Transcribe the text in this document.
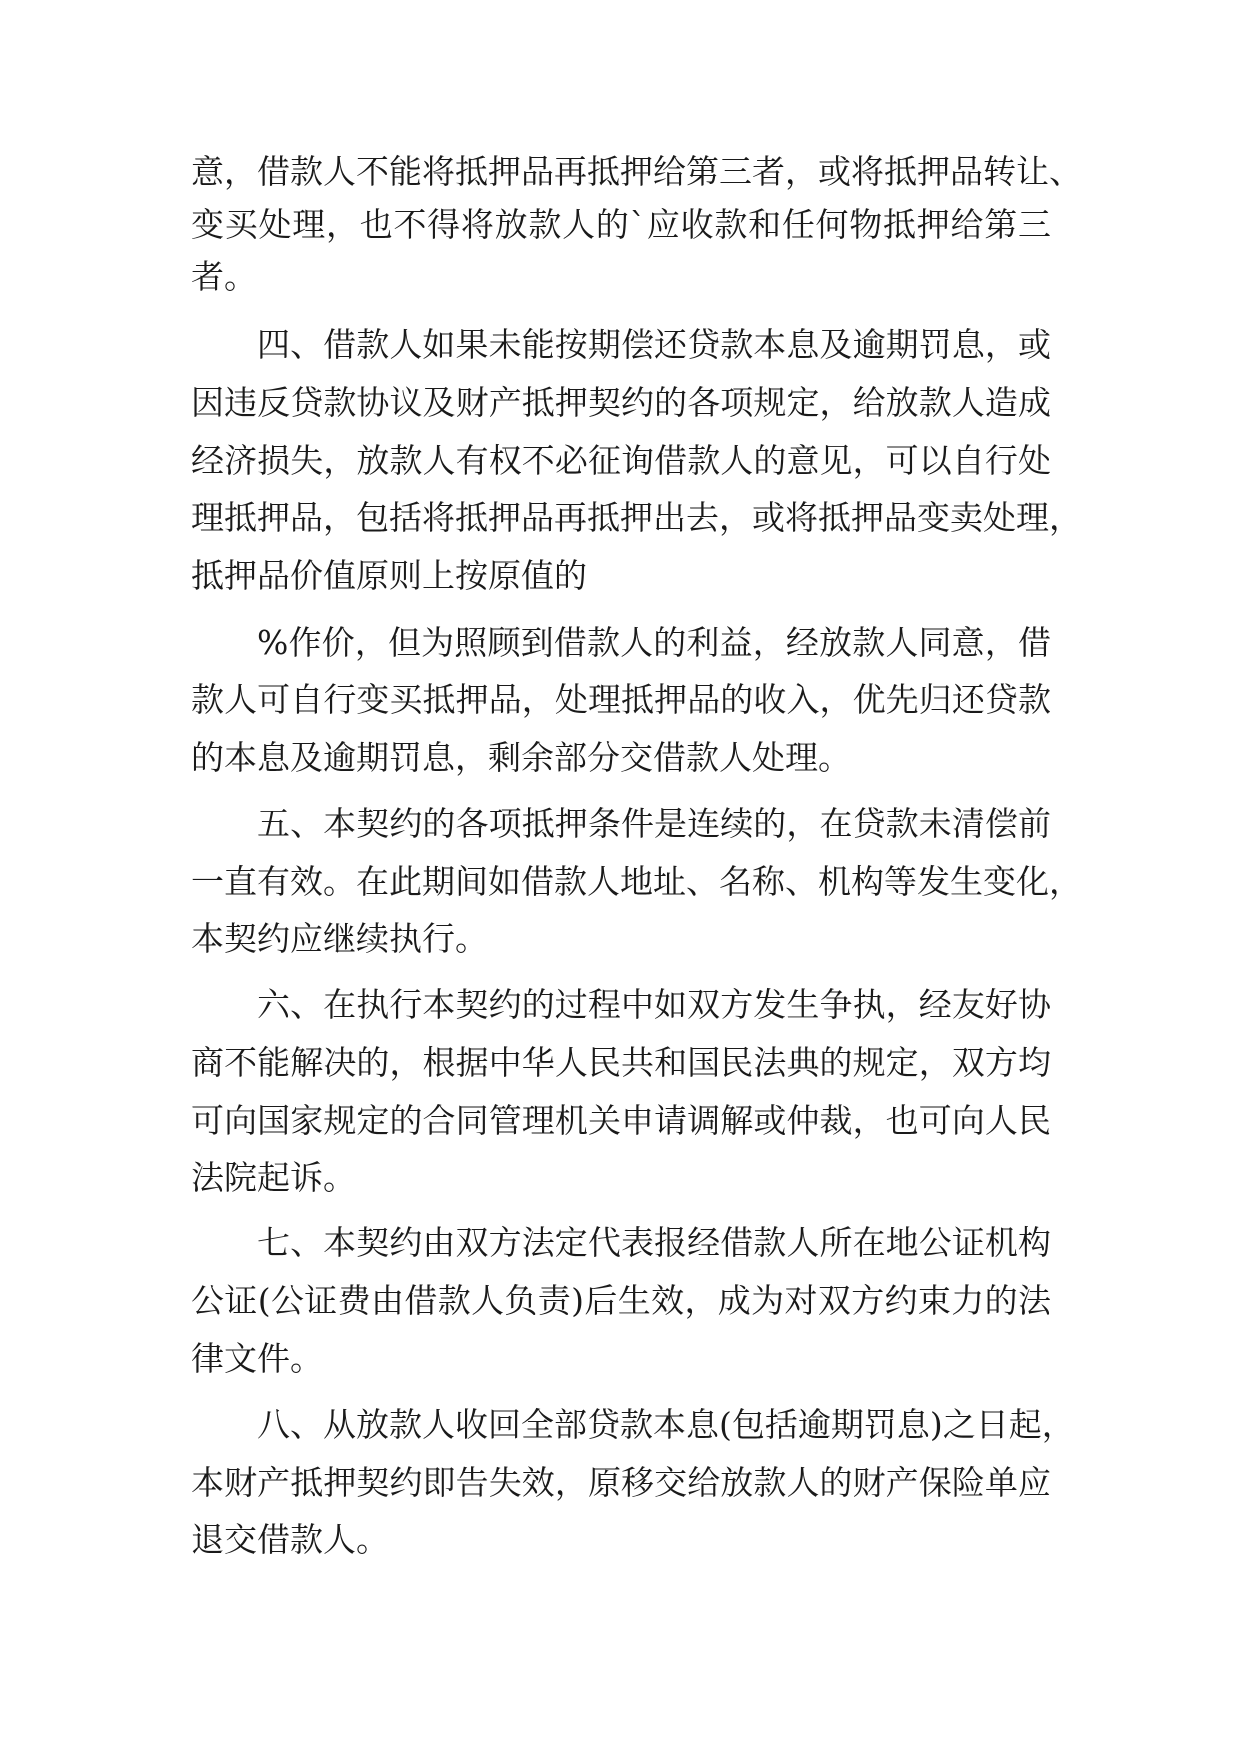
意，借款人不能将抵押品再抵押给第三者，或将抵押品转让、
变买处理，也不得将放款人的`应收款和任何物抵押给第三
者。
四、借款人如果未能按期偿还贷款本息及逾期罚息，或
因违反贷款协议及财产抵押契约的各项规定，给放款人造成
经济损失，放款人有权不必征询借款人的意见，可以自行处
理抵押品，包括将抵押品再抵押出去，或将抵押品变卖处理，
抵押品价值原则上按原值的
%作价，但为照顾到借款人的利益，经放款人同意，借
款人可自行变买抵押品，处理抵押品的收入，优先归还贷款
的本息及逾期罚息，剩余部分交借款人处理。
五、本契约的各项抵押条件是连续的，在贷款未清偿前
一直有效。在此期间如借款人地址、名称、机构等发生变化，
本契约应继续执行。
六、在执行本契约的过程中如双方发生争执，经友好协
商不能解决的，根据中华人民共和国民法典的规定，双方均
可向国家规定的合同管理机关申请调解或仲裁，也可向人民
法院起诉。
七、本契约由双方法定代表报经借款人所在地公证机构
公证(公证费由借款人负责)后生效，成为对双方约束力的法
律文件。
八、从放款人收回全部贷款本息(包括逾期罚息)之日起，
本财产抵押契约即告失效，原移交给放款人的财产保险单应
退交借款人。
